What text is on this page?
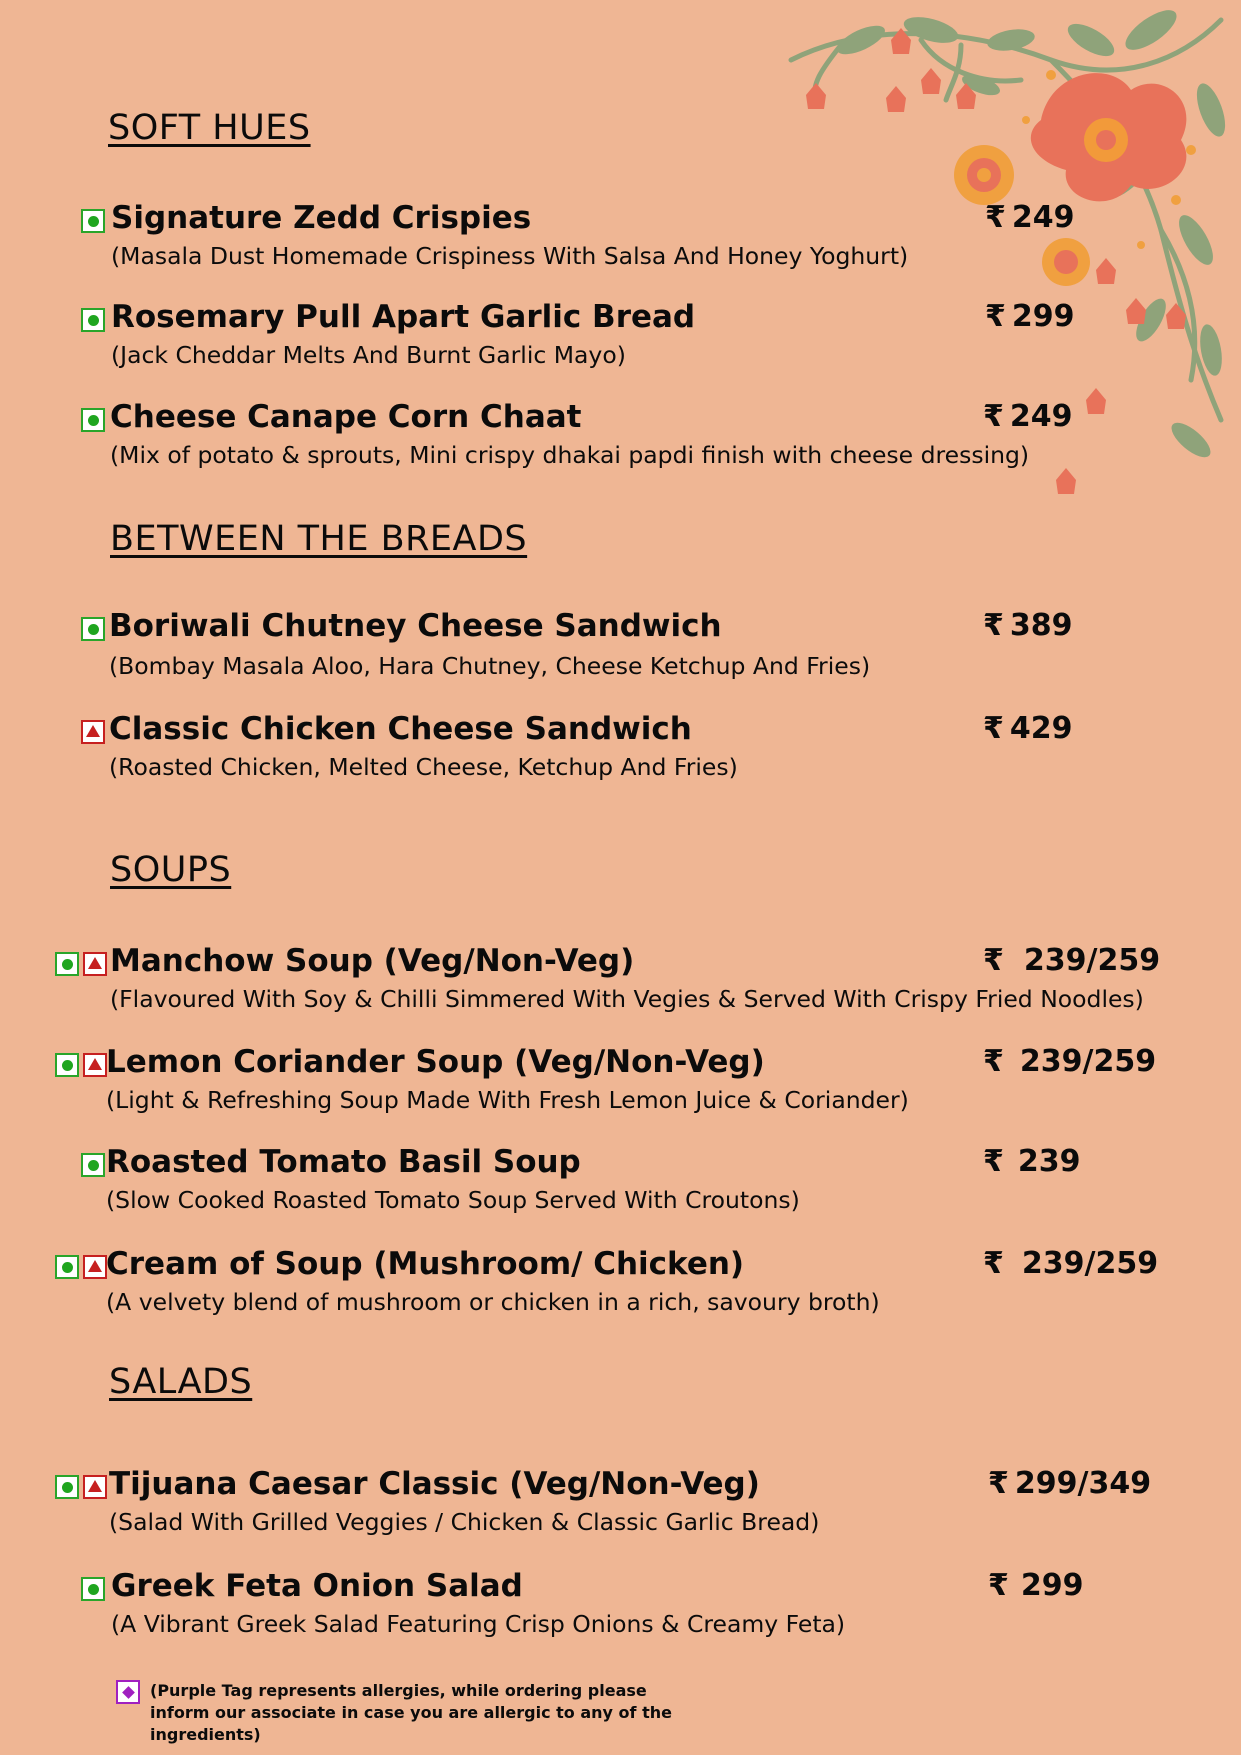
SOFT HUES
BETWEEN THE BREADS
SOUPS
SALADS
Signature Zedd Crispies
(Masala Dust Homemade Crispiness With Salsa And Honey Yoghurt)
₹ 249
Rosemary Pull Apart Garlic Bread
(Jack Cheddar Melts And Burnt Garlic Mayo)
₹ 299
Cheese Canape Corn Chaat
(Mix of potato & sprouts, Mini crispy dhakai papdi finish with cheese dressing)
₹ 249
Boriwali Chutney Cheese Sandwich
(Bombay Masala Aloo, Hara Chutney, Cheese Ketchup And Fries)
₹ 389
Classic Chicken Cheese Sandwich
(Roasted Chicken, Melted Cheese, Ketchup And Fries)
₹ 429
Manchow Soup (Veg/Non-Veg)
(Flavoured With Soy & Chilli Simmered With Vegies & Served With Crispy Fried Noodles)
₹ 239/259
Lemon Coriander Soup (Veg/Non-Veg)
(Light & Refreshing Soup Made With Fresh Lemon Juice & Coriander)
₹ 239/259
Roasted Tomato Basil Soup
(Slow Cooked Roasted Tomato Soup Served With Croutons)
₹ 239
Cream of Soup (Mushroom/ Chicken)
(A velvety blend of mushroom or chicken in a rich, savoury broth)
₹ 239/259
Tijuana Caesar Classic (Veg/Non-Veg)
(Salad With Grilled Veggies / Chicken & Classic Garlic Bread)
₹ 299/349
Greek Feta Onion Salad
(A Vibrant Greek Salad Featuring Crisp Onions & Creamy Feta)
₹ 299
(Purple Tag represents allergies, while ordering please inform our associate in case you are allergic to any of the ingredients)
